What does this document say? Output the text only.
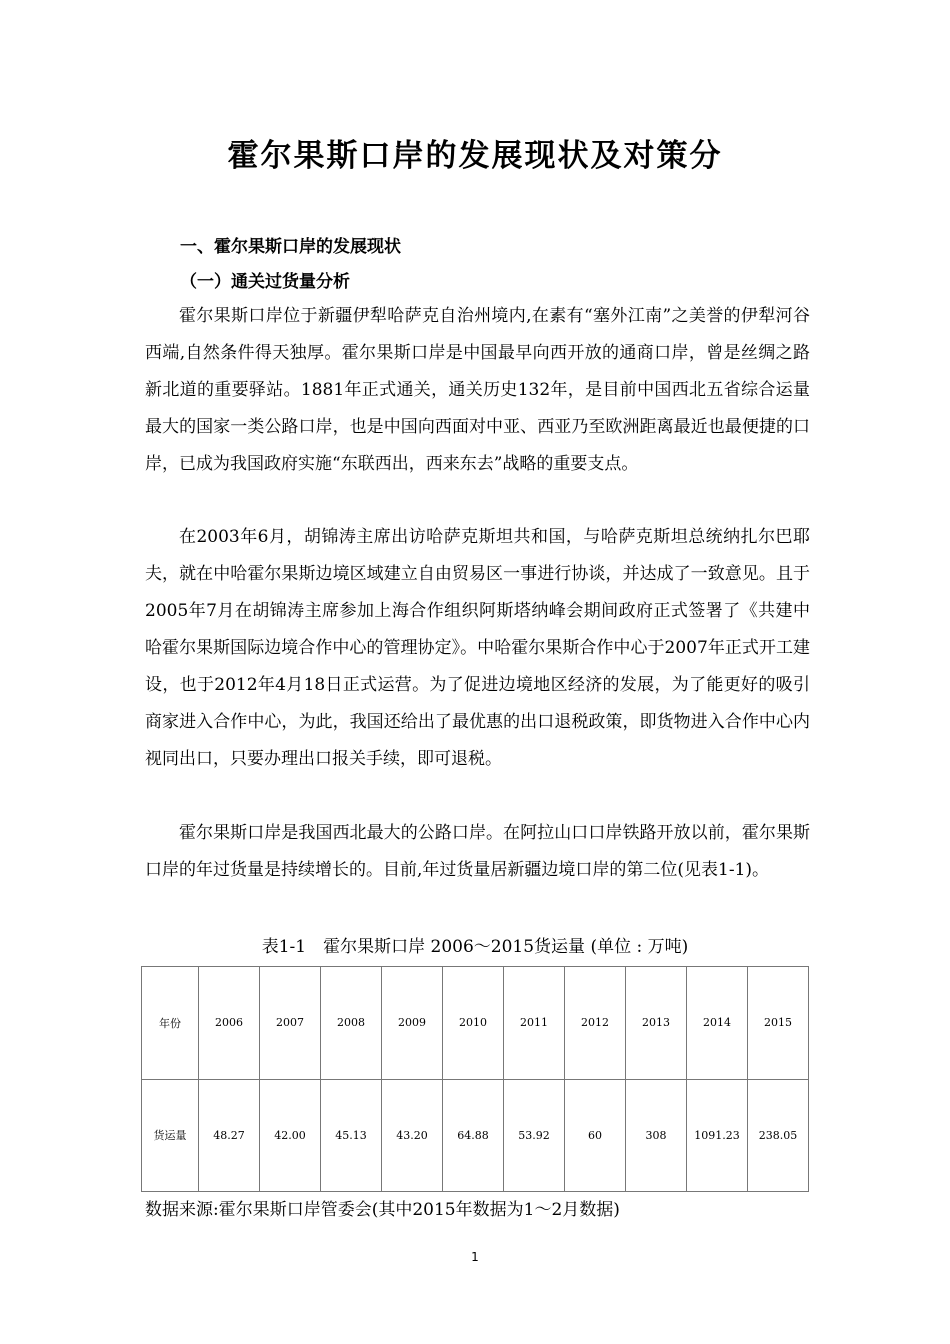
霍尔果斯口岸的发展现状及对策分
一、霍尔果斯口岸的发展现状
（一）通关过货量分析

霍尔果斯口岸位于新疆伊犁哈萨克自治州境内,在素有“塞外江南”之美誉的伊犁河谷西端,自然条件得天独厚。霍尔果斯口岸是中国最早向西开放的通商口岸，曾是丝绸之路新北道的重要驿站。1881年正式通关，通关历史132年，是目前中国西北五省综合运量最大的国家一类公路口岸，也是中国向西面对中亚、西亚乃至欧洲距离最近也最便捷的口岸，已成为我国政府实施“东联西出，西来东去”战略的重要支点。

在2003年6月，胡锦涛主席出访哈萨克斯坦共和国，与哈萨克斯坦总统纳扎尔巴耶夫，就在中哈霍尔果斯边境区域建立自由贸易区一事进行协谈，并达成了一致意见。且于2005年7月在胡锦涛主席参加上海合作组织阿斯塔纳峰会期间政府正式签署了《共建中哈霍尔果斯国际边境合作中心的管理协定》。中哈霍尔果斯合作中心于2007年正式开工建设，也于2012年4月18日正式运营。为了促进边境地区经济的发展，为了能更好的吸引商家进入合作中心，为此，我国还给出了最优惠的出口退税政策，即货物进入合作中心内视同出口，只要办理出口报关手续，即可退税。

霍尔果斯口岸是我国西北最大的公路口岸。在阿拉山口口岸铁路开放以前，霍尔果斯口岸的年过货量是持续增长的。目前,年过货量居新疆边境口岸的第二位(见表1-1)。

表1-1　霍尔果斯口岸 2006～2015货运量 (单位 : 万吨)

年份	2006	2007	2008	2009	2010	2011	2012	2013	2014	2015
货运量	48.27	42.00	45.13	43.20	64.88	53.92	60	308	1091.23	238.05

数据来源:霍尔果斯口岸管委会(其中2015年数据为1～2月数据)

1
